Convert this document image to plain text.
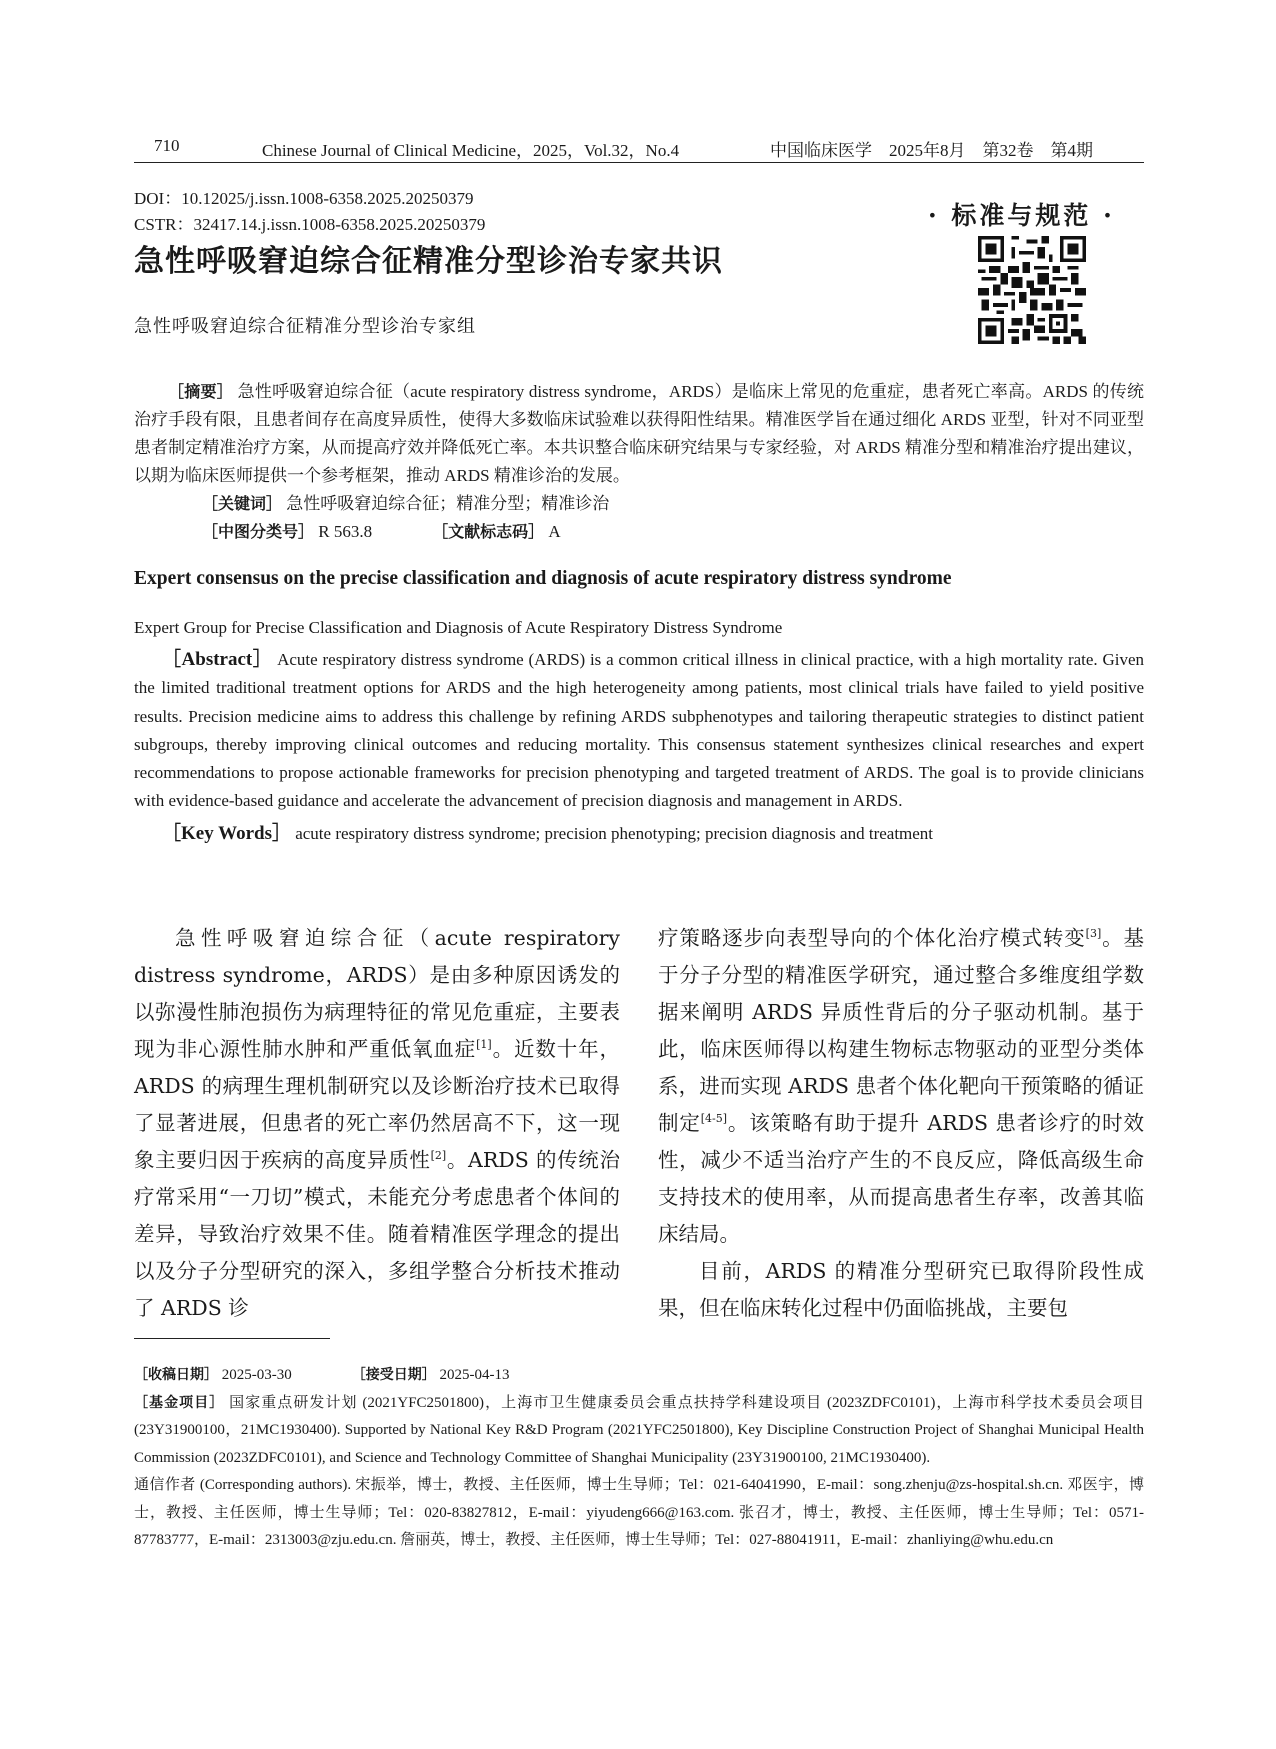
710	Chinese Journal of Clinical Medicine，2025，Vol.32，No.4	中国临床医学　2025年8月　第32卷　第4期
DOI：10.12025/j.issn.1008-6358.2025.20250379
CSTR：32417.14.j.issn.1008-6358.2025.20250379	· 标准与规范 ·
急性呼吸窘迫综合征精准分型诊治专家共识
急性呼吸窘迫综合征精准分型诊治专家组

［摘要］ 急性呼吸窘迫综合征（acute respiratory distress syndrome，ARDS）是临床上常见的危重症，患者死亡率高。ARDS 的传统治疗手段有限，且患者间存在高度异质性，使得大多数临床试验难以获得阳性结果。精准医学旨在通过细化 ARDS 亚型，针对不同亚型患者制定精准治疗方案，从而提高疗效并降低死亡率。本共识整合临床研究结果与专家经验，对 ARDS 精准分型和精准治疗提出建议，以期为临床医师提供一个参考框架，推动 ARDS 精准诊治的发展。

［关键词］ 急性呼吸窘迫综合征；精准分型；精准诊治

［中图分类号］ R 563.8	［文献标志码］ A

Expert consensus on the precise classification and diagnosis of acute respiratory distress syndrome
Expert Group for Precise Classification and Diagnosis of Acute Respiratory Distress Syndrome

［Abstract］ Acute respiratory distress syndrome (ARDS) is a common critical illness in clinical practice, with a high mortality rate. Given the limited traditional treatment options for ARDS and the high heterogeneity among patients, most clinical trials have failed to yield positive results. Precision medicine aims to address this challenge by refining ARDS subphenotypes and tailoring therapeutic strategies to distinct patient subgroups, thereby improving clinical outcomes and reducing mortality. This consensus statement synthesizes clinical researches and expert recommendations to propose actionable frameworks for precision phenotyping and targeted treatment of ARDS. The goal is to provide clinicians with evidence-based guidance and accelerate the advancement of precision diagnosis and management in ARDS.

［Key Words］ acute respiratory distress syndrome; precision phenotyping; precision diagnosis and treatment

急性呼吸窘迫综合征（acute respiratory distress syndrome，ARDS）是由多种原因诱发的以弥漫性肺泡损伤为病理特征的常见危重症，主要表现为非心源性肺水肿和严重低氧血症[1]。近数十年，ARDS 的病理生理机制研究以及诊断治疗技术已取得了显著进展，但患者的死亡率仍然居高不下，这一现象主要归因于疾病的高度异质性[2]。ARDS 的传统治疗常采用“一刀切”模式，未能充分考虑患者个体间的差异，导致治疗效果不佳。随着精准医学理念的提出以及分子分型研究的深入，多组学整合分析技术推动了 ARDS 诊

疗策略逐步向表型导向的个体化治疗模式转变[3]。基于分子分型的精准医学研究，通过整合多维度组学数据来阐明 ARDS 异质性背后的分子驱动机制。基于此，临床医师得以构建生物标志物驱动的亚型分类体系，进而实现 ARDS 患者个体化靶向干预策略的循证制定[4-5]。该策略有助于提升 ARDS 患者诊疗的时效性，减少不适当治疗产生的不良反应，降低高级生命支持技术的使用率，从而提高患者生存率，改善其临床结局。

目前，ARDS 的精准分型研究已取得阶段性成果，但在临床转化过程中仍面临挑战，主要包

［收稿日期］ 2025-03-30	［接受日期］ 2025-04-13

［基金项目］ 国家重点研发计划 (2021YFC2501800)，上海市卫生健康委员会重点扶持学科建设项目 (2023ZDFC0101)，上海市科学技术委员会项目 (23Y31900100，21MC1930400). Supported by National Key R&D Program (2021YFC2501800), Key Discipline Construction Project of Shanghai Municipal Health Commission (2023ZDFC0101), and Science and Technology Committee of Shanghai Municipality (23Y31900100, 21MC1930400).

通信作者 (Corresponding authors). 宋振举，博士，教授、主任医师，博士生导师；Tel：021-64041990，E-mail：song.zhenju@zs-hospital.sh.cn. 邓医宇，博士，教授、主任医师，博士生导师；Tel：020-83827812，E-mail：yiyudeng666@163.com. 张召才，博士，教授、主任医师，博士生导师；Tel：0571-87783777，E-mail：2313003@zju.edu.cn. 詹丽英，博士，教授、主任医师，博士生导师；Tel：027-88041911，E-mail：zhanliying@whu.edu.cn
